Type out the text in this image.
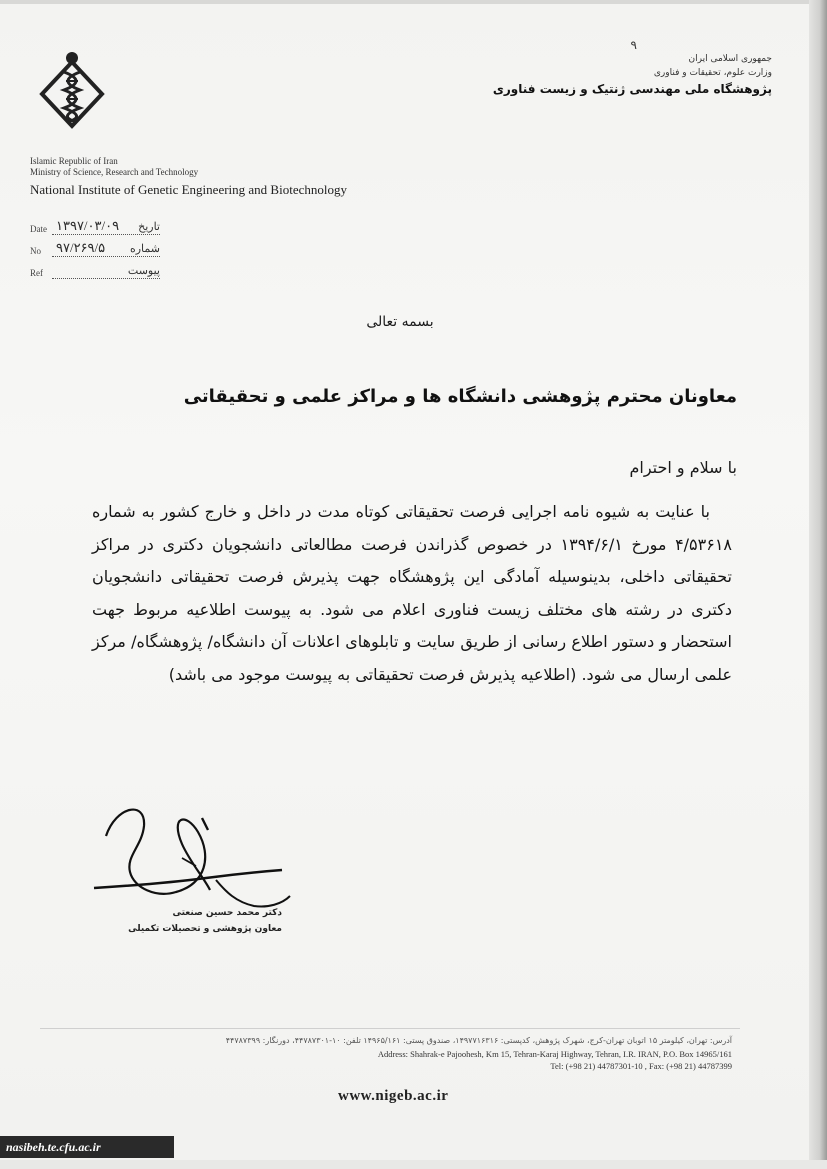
Islamic Republic of Iran
Ministry of Science, Research and Technology
National Institute of Genetic Engineering and Biotechnology
٩
جمهوری اسلامی ایران
وزارت علوم، تحقیقات و فناوری
پژوهشگاه ملی مهندسی ژنتیک و زیست فناوری
Date ۱۳۹۷/۰۳/۰۹ تاریخ
No ۹۷/۲۶۹/۵ شماره
Ref	پیوست
بسمه تعالی
معاونان محترم پژوهشی دانشگاه ها و مراکز علمی و تحقیقاتی
با سلام و احترام

با عنایت به شیوه نامه اجرایی فرصت تحقیقاتی کوتاه مدت در داخل و خارج کشور به شماره ۴/۵۳۶۱۸ مورخ ۱۳۹۴/۶/۱ در خصوص گذراندن فرصت مطالعاتی دانشجویان دکتری در مراکز تحقیقاتی داخلی، بدینوسیله آمادگی این پژوهشگاه جهت پذیرش فرصت تحقیقاتی دانشجویان دکتری در رشته های مختلف زیست فناوری اعلام می شود. به پیوست اطلاعیه مربوط جهت استحضار و دستور اطلاع رسانی از طریق سایت و تابلوهای اعلانات آن دانشگاه/ پژوهشگاه/ مرکز علمی ارسال می شود. (اطلاعیه پذیرش فرصت تحقیقاتی به پیوست موجود می باشد)

دکتر محمد حسین صنعتی
معاون پژوهشی و تحصیلات تکمیلی
آدرس: تهران، کیلومتر ۱۵ اتوبان تهران-کرج، شهرک پژوهش، کدپستی: ۱۴۹۷۷۱۶۳۱۶، صندوق پستی: ۱۴۹۶۵/۱۶۱ تلفن: ۱۰-۴۴۷۸۷۳۰۱، دورنگار: ۴۴۷۸۷۳۹۹
Address: Shahrak-e Pajoohesh, Km 15, Tehran-Karaj Highway, Tehran, I.R. IRAN, P.O. Box 14965/161
Tel: (+98 21) 44787301-10 , Fax: (+98 21) 44787399
www.nigeb.ac.ir
nasibeh.te.cfu.ac.ir
